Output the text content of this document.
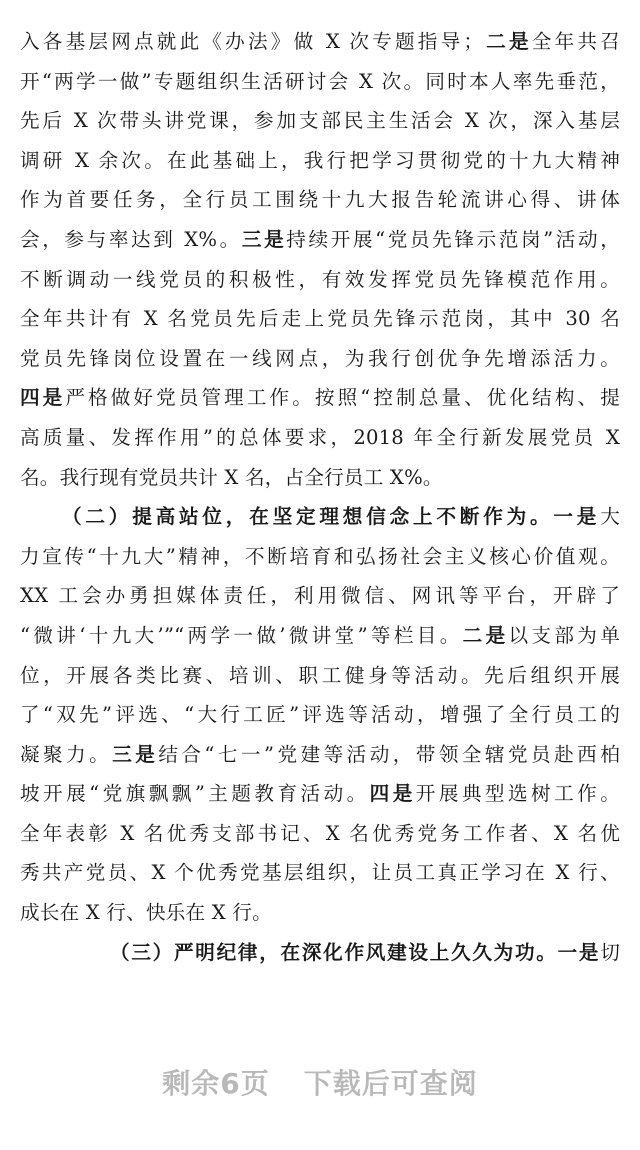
入各基层网点就此《办法》做 X 次专题指导；二是全年共召
开“两学一做”专题组织生活研讨会 X 次。同时本人率先垂范，
先后 X 次带头讲党课，参加支部民主生活会 X 次，深入基层
调研 X 余次。在此基础上，我行把学习贯彻党的十九大精神
作为首要任务，全行员工围绕十九大报告轮流讲心得、讲体
会，参与率达到 X%。三是持续开展“党员先锋示范岗”活动，
不断调动一线党员的积极性，有效发挥党员先锋模范作用。
全年共计有 X 名党员先后走上党员先锋示范岗，其中 30 名
党员先锋岗位设置在一线网点，为我行创优争先增添活力。
四是严格做好党员管理工作。按照“控制总量、优化结构、提
高质量、发挥作用”的总体要求，2018 年全行新发展党员 X
名。我行现有党员共计 X 名，占全行员工 X%。
（二）提高站位，在坚定理想信念上不断作为。一是大
力宣传“十九大”精神，不断培育和弘扬社会主义核心价值观。
XX 工会办勇担媒体责任，利用微信、网讯等平台，开辟了
“微讲‘十九大’”“两学一做’微讲堂”等栏目。二是以支部为单
位，开展各类比赛、培训、职工健身等活动。先后组织开展
了“双先”评选、“大行工匠”评选等活动，增强了全行员工的
凝聚力。三是结合“七一”党建等活动，带领全辖党员赴西柏
坡开展“党旗飘飘”主题教育活动。四是开展典型选树工作。
全年表彰 X 名优秀支部书记、X 名优秀党务工作者、X 名优
秀共产党员、X 个优秀党基层组织，让员工真正学习在 X 行、
成长在 X 行、快乐在 X 行。
（三）严明纪律，在深化作风建设上久久为功。一是切
剩余6页 下载后可查阅
